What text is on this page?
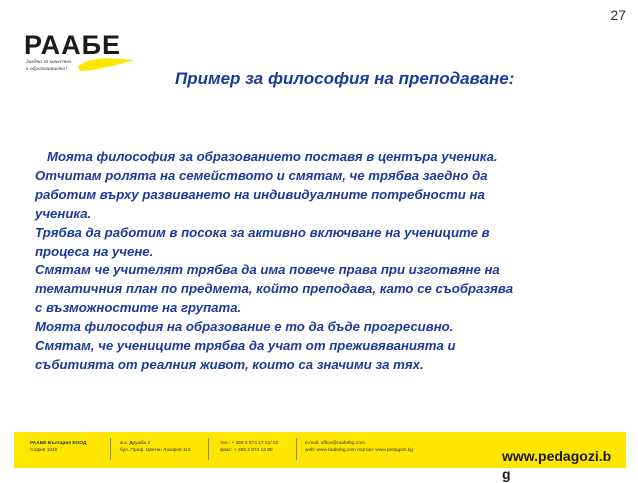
27
РААБЕ
Заедно за качество
в образованието!	Пример за философия на преподаване:
Моята философия за образованието поставя в центъра ученика.
Отчитам ролята на семейството и смятам, че трябва заедно да
работим върху развиването на индивидуалните потребности на
ученика.
Трябва да работим в посока за активно включване на учениците в
процеса на учене.
Смятам че учителят трябва да има повече права при изготвяне на
тематичния план по предмета, който преподава, като се съобразява
с възможностите на групата.
Моята философия на образование е то да бъде прогресивно.
Смятам, че учениците трябва да учат от преживяванията и
събитията от реалния живот, които са значими за тях.
РААБЕ България ЕООД
София 1040
ж.к. Дружба 2
бул. Проф. Цветан Лазаров 112
тел.: + 359 2 874 17 01/ 02
факс: + 359 2 874 13 89
e-mail: office@raabebg.com
web: www.raabebg.com портал: www.pedagozi.bg	www.pedagozi.b
g
